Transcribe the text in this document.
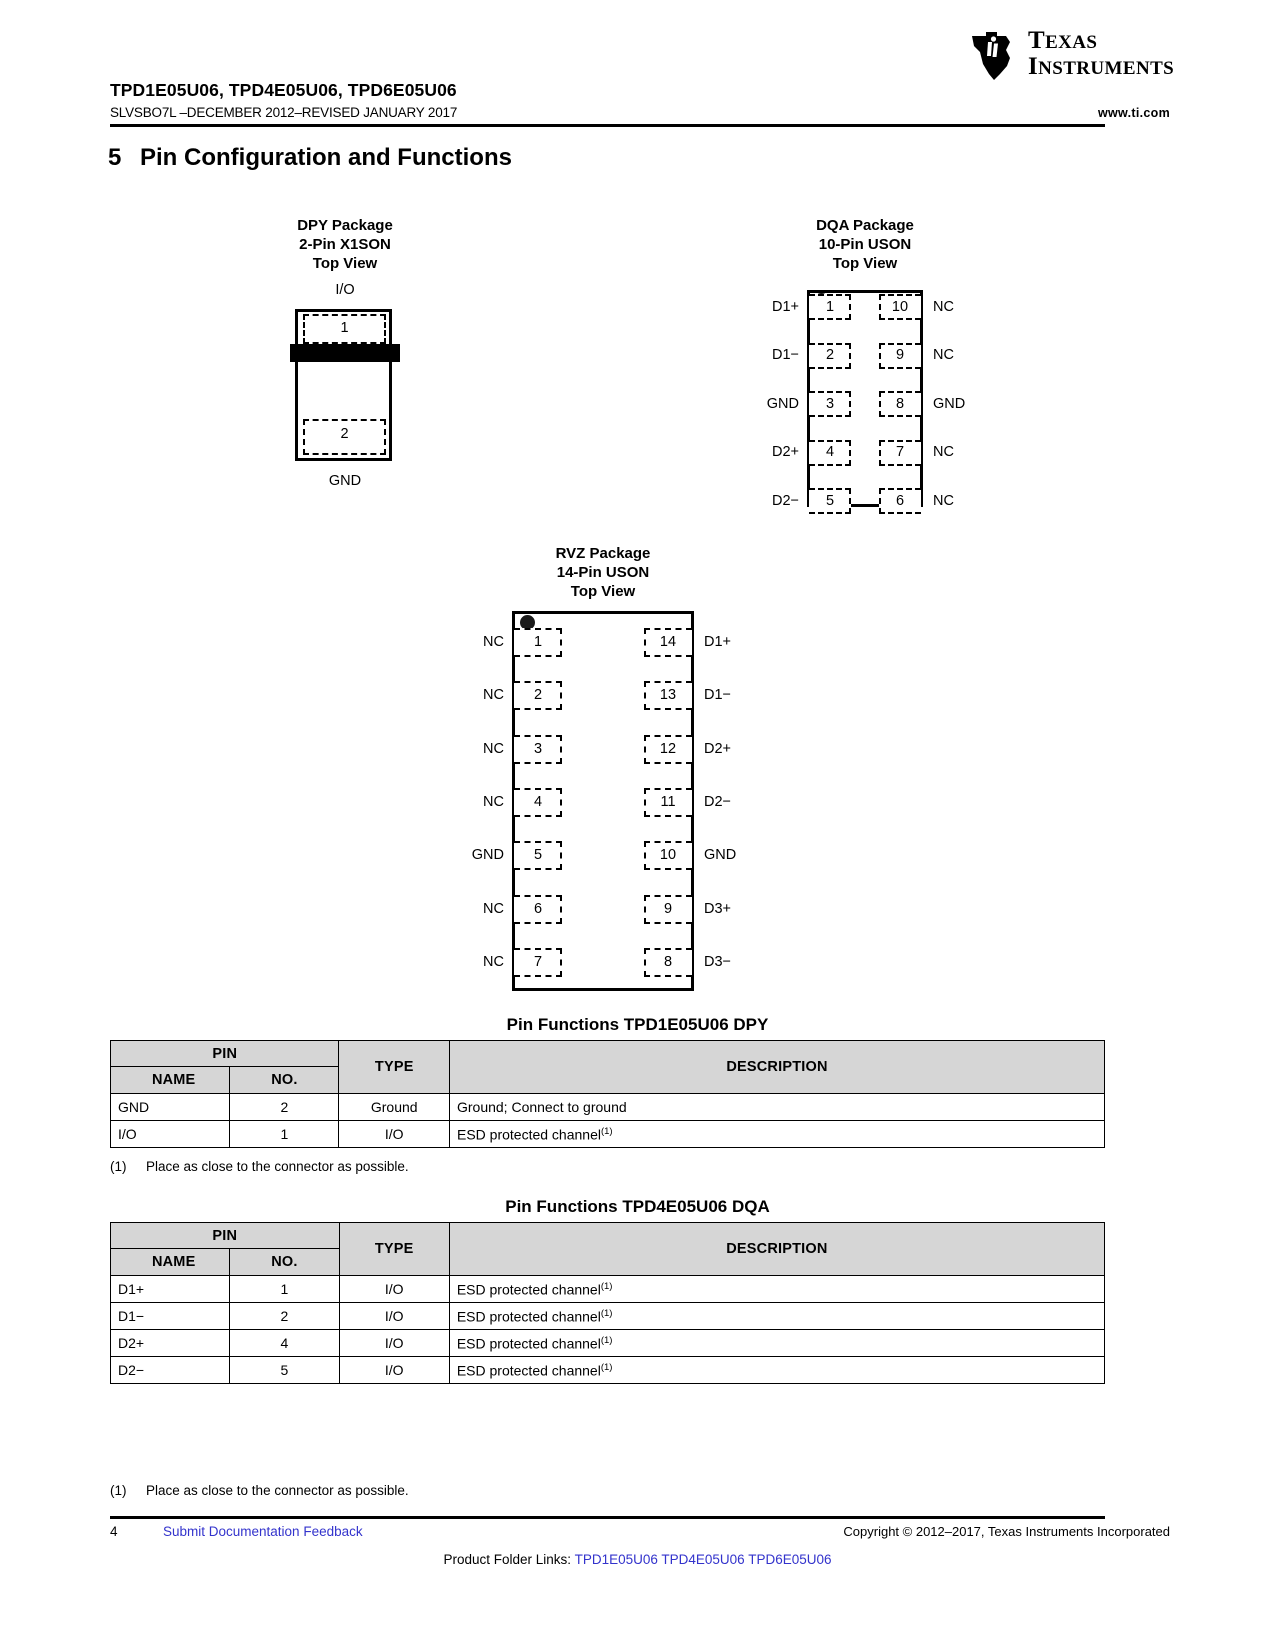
TEXAS
INSTRUMENTS
TPD1E05U06, TPD4E05U06, TPD6E05U06
SLVSBO7L –DECEMBER 2012–REVISED JANUARY 2017	www.ti.com
5 Pin Configuration and Functions
DPY Package
2-Pin X1SON
Top View
I/O
1
2
GND
DQA Package
10-Pin USON
Top View
1
D1+
2
D1−
3
GND
4
D2+
5
D2−
10	NC
9	NC
8	GND
7	NC
6	NC
RVZ Package
14-Pin USON
Top View
1
NC
2
NC
3
NC
4
NC
5
GND
6
NC
7
NC
14	D1+
13	D1−
12	D2+
11	D2−
10	GND
9	D3+
8	D3−
Pin Functions TPD1E05U06 DPY
PIN		TYPE	DESCRIPTION
NAME	NO.		
GND	2	Ground	Ground; Connect to ground
I/O	1	I/O	ESD protected channel$^{(1)}$
(1) Place as close to the connector as possible.
Pin Functions TPD4E05U06 DQA
PIN		TYPE	DESCRIPTION
NAME	NO.		
D1+	1	I/O	ESD protected channel$^{(1)}$
D1−	2	I/O	ESD protected channel$^{(1)}$
D2+	4	I/O	ESD protected channel$^{(1)}$
D2−	5	I/O	ESD protected channel$^{(1)}$
(1) Place as close to the connector as possible.
4	Submit Documentation Feedback	Copyright © 2012–2017, Texas Instruments Incorporated
Product Folder Links: TPD1E05U06 TPD4E05U06 TPD6E05U06
